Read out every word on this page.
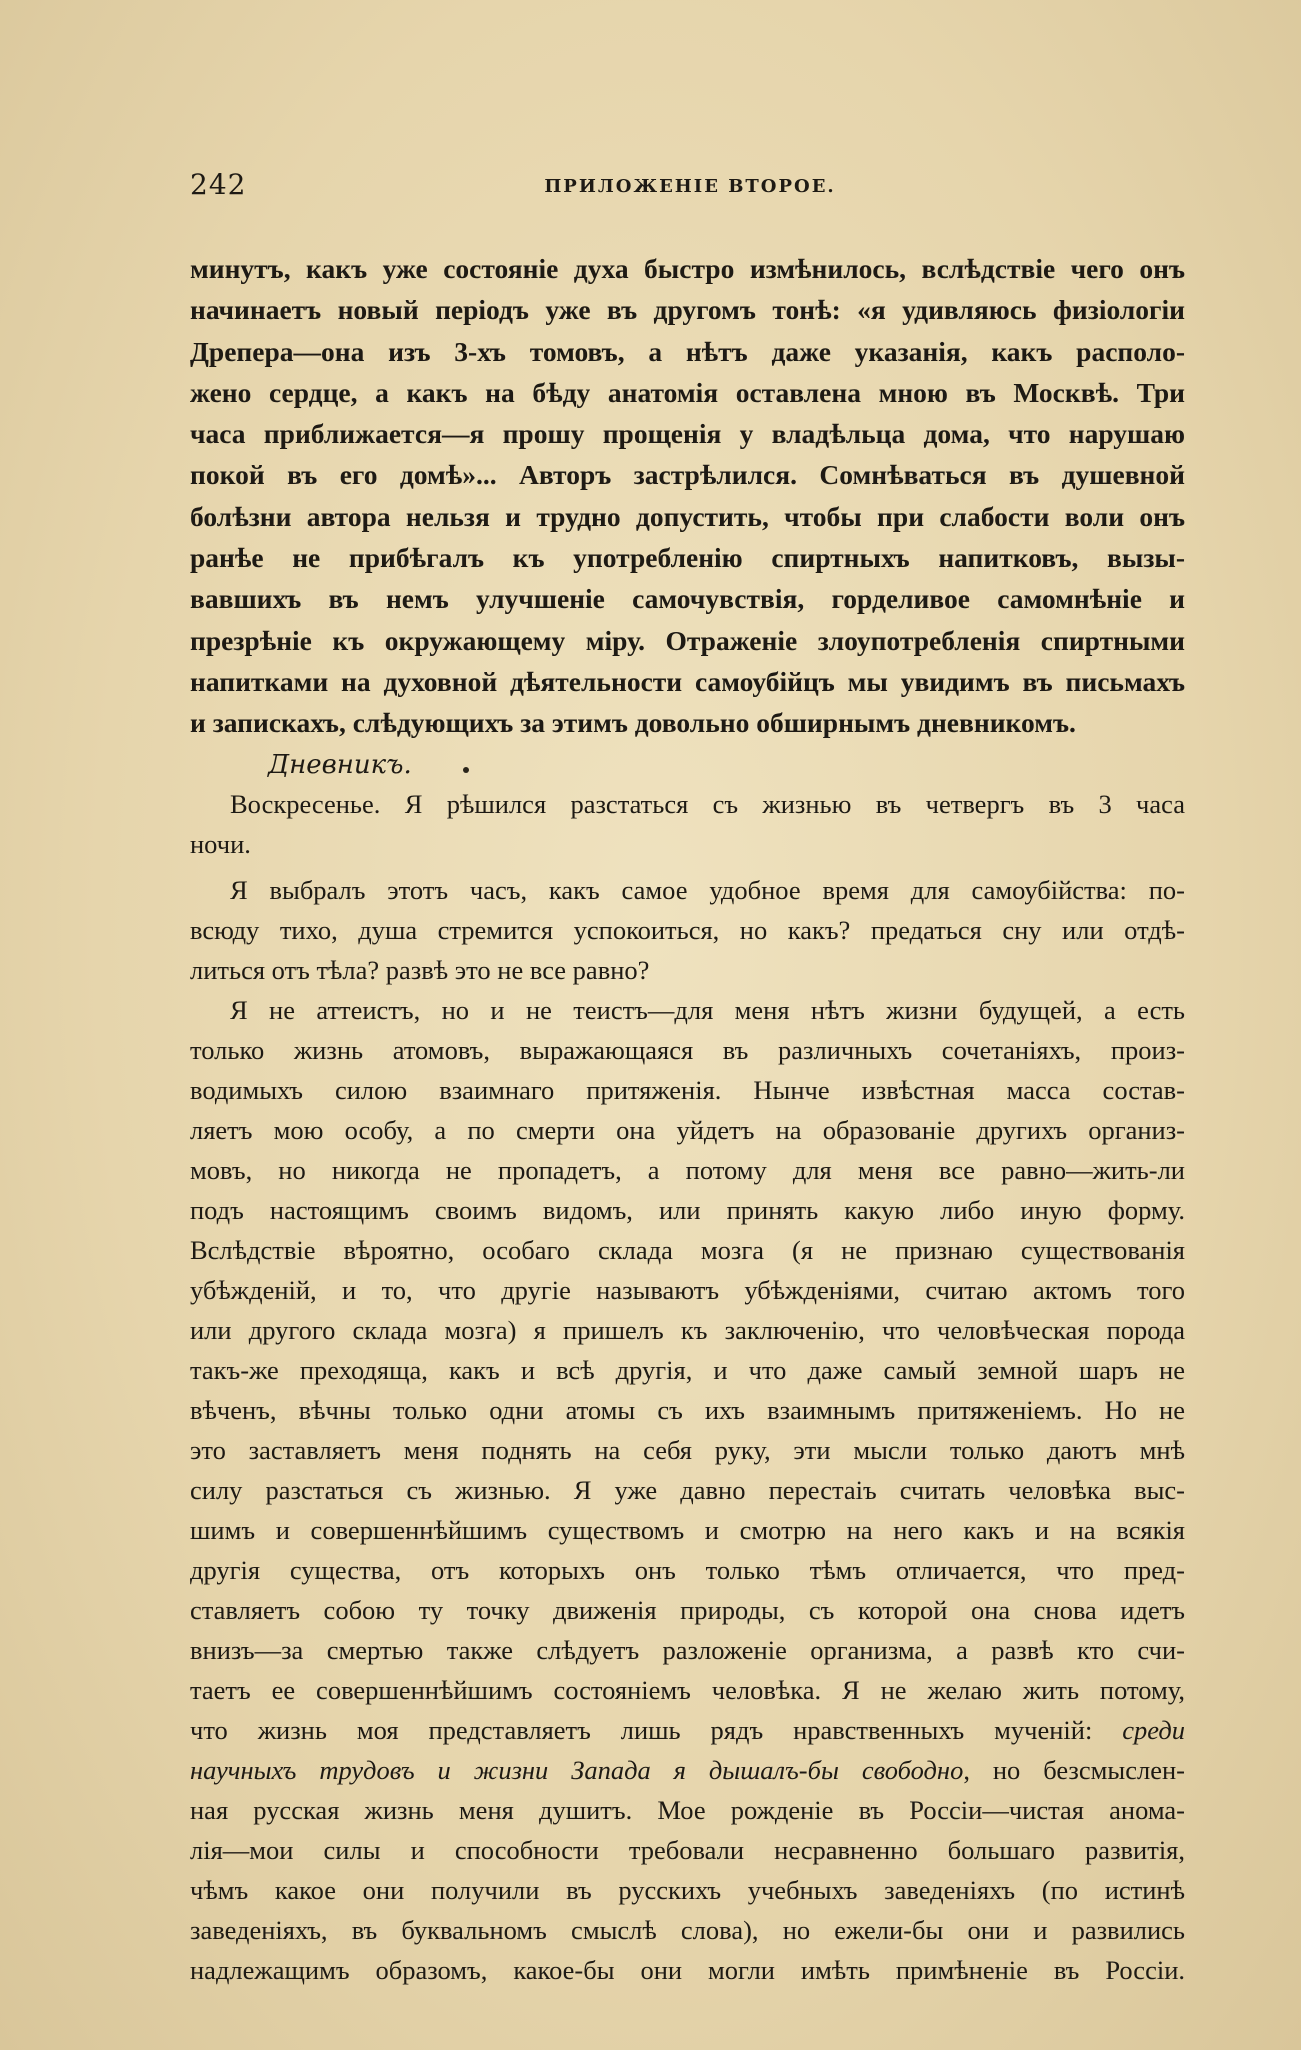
242	ПРИЛОЖЕНІЕ ВТОРОЕ.
минутъ, какъ уже состояніе духа быстро измѣнилось, вслѣдствіе чего онъ
начинаетъ новый періодъ уже въ другомъ тонѣ: «я удивляюсь физіологіи
Дрепера—она изъ 3-хъ томовъ, а нѣтъ даже указанія, какъ располо-
жено сердце, а какъ на бѣду анатомія оставлена мною въ Москвѣ. Три
часа приближается—я прошу прощенія у владѣльца дома, что нарушаю
покой въ его домѣ»... Авторъ застрѣлился. Сомнѣваться въ душевной
болѣзни автора нельзя и трудно допустить, чтобы при слабости воли онъ
ранѣе не прибѣгалъ къ употребленію спиртныхъ напитковъ, вызы-
вавшихъ въ немъ улучшеніе самочувствія, горделивое самомнѣніе и
презрѣніе къ окружающему міру. Отраженіе злоупотребленія спиртными
напитками на духовной дѣятельности самоубійцъ мы увидимъ въ письмахъ
и запискахъ, слѣдующихъ за этимъ довольно обширнымъ дневникомъ.
Дневникъ.
Воскресенье. Я рѣшился разстаться съ жизнью въ четвергъ въ 3 часа
ночи.
Я выбралъ этотъ часъ, какъ самое удобное время для самоубійства: по-
всюду тихо, душа стремится успокоиться, но какъ? предаться сну или отдѣ-
литься отъ тѣла? развѣ это не все равно?
Я не аттеистъ, но и не теистъ—для меня нѣтъ жизни будущей, а есть
только жизнь атомовъ, выражающаяся въ различныхъ сочетаніяхъ, произ-
водимыхъ силою взаимнаго притяженія. Нынче извѣстная масса состав-
ляетъ мою особу, а по смерти она уйдетъ на образованіе другихъ организ-
мовъ, но никогда не пропадетъ, а потому для меня все равно—жить-ли
подъ настоящимъ своимъ видомъ, или принять какую либо иную форму.
Вслѣдствіе вѣроятно, особаго склада мозга (я не признаю существованія
убѣжденій, и то, что другіе называютъ убѣжденіями, считаю актомъ того
или другого склада мозга) я пришелъ къ заключенію, что человѣческая порода
такъ-же преходяща, какъ и всѣ другія, и что даже самый земной шаръ не
вѣченъ, вѣчны только одни атомы съ ихъ взаимнымъ притяженіемъ. Но не
это заставляетъ меня поднять на себя руку, эти мысли только даютъ мнѣ
силу разстаться съ жизнью. Я уже давно перестаіъ считать человѣка выс-
шимъ и совершеннѣйшимъ существомъ и смотрю на него какъ и на всякія
другія существа, отъ которыхъ онъ только тѣмъ отличается, что пред-
ставляетъ собою ту точку движенія природы, съ которой она снова идетъ
внизъ—за смертью также слѣдуетъ разложеніе организма, а развѣ кто счи-
таетъ ее совершеннѣйшимъ состояніемъ человѣка. Я не желаю жить потому,
что жизнь моя представляетъ лишь рядъ нравственныхъ мученій: среди
научныхъ трудовъ и жизни Запада я дышалъ-бы свободно, но безсмыслен-
ная русская жизнь меня душитъ. Мое рожденіе въ Россіи—чистая анома-
лія—мои силы и способности требовали несравненно большаго развитія,
чѣмъ какое они получили въ русскихъ учебныхъ заведеніяхъ (по истинѣ
заведеніяхъ, въ буквальномъ смыслѣ слова), но ежели-бы они и развились
надлежащимъ образомъ, какое-бы они могли имѣть примѣненіе въ Россіи.
